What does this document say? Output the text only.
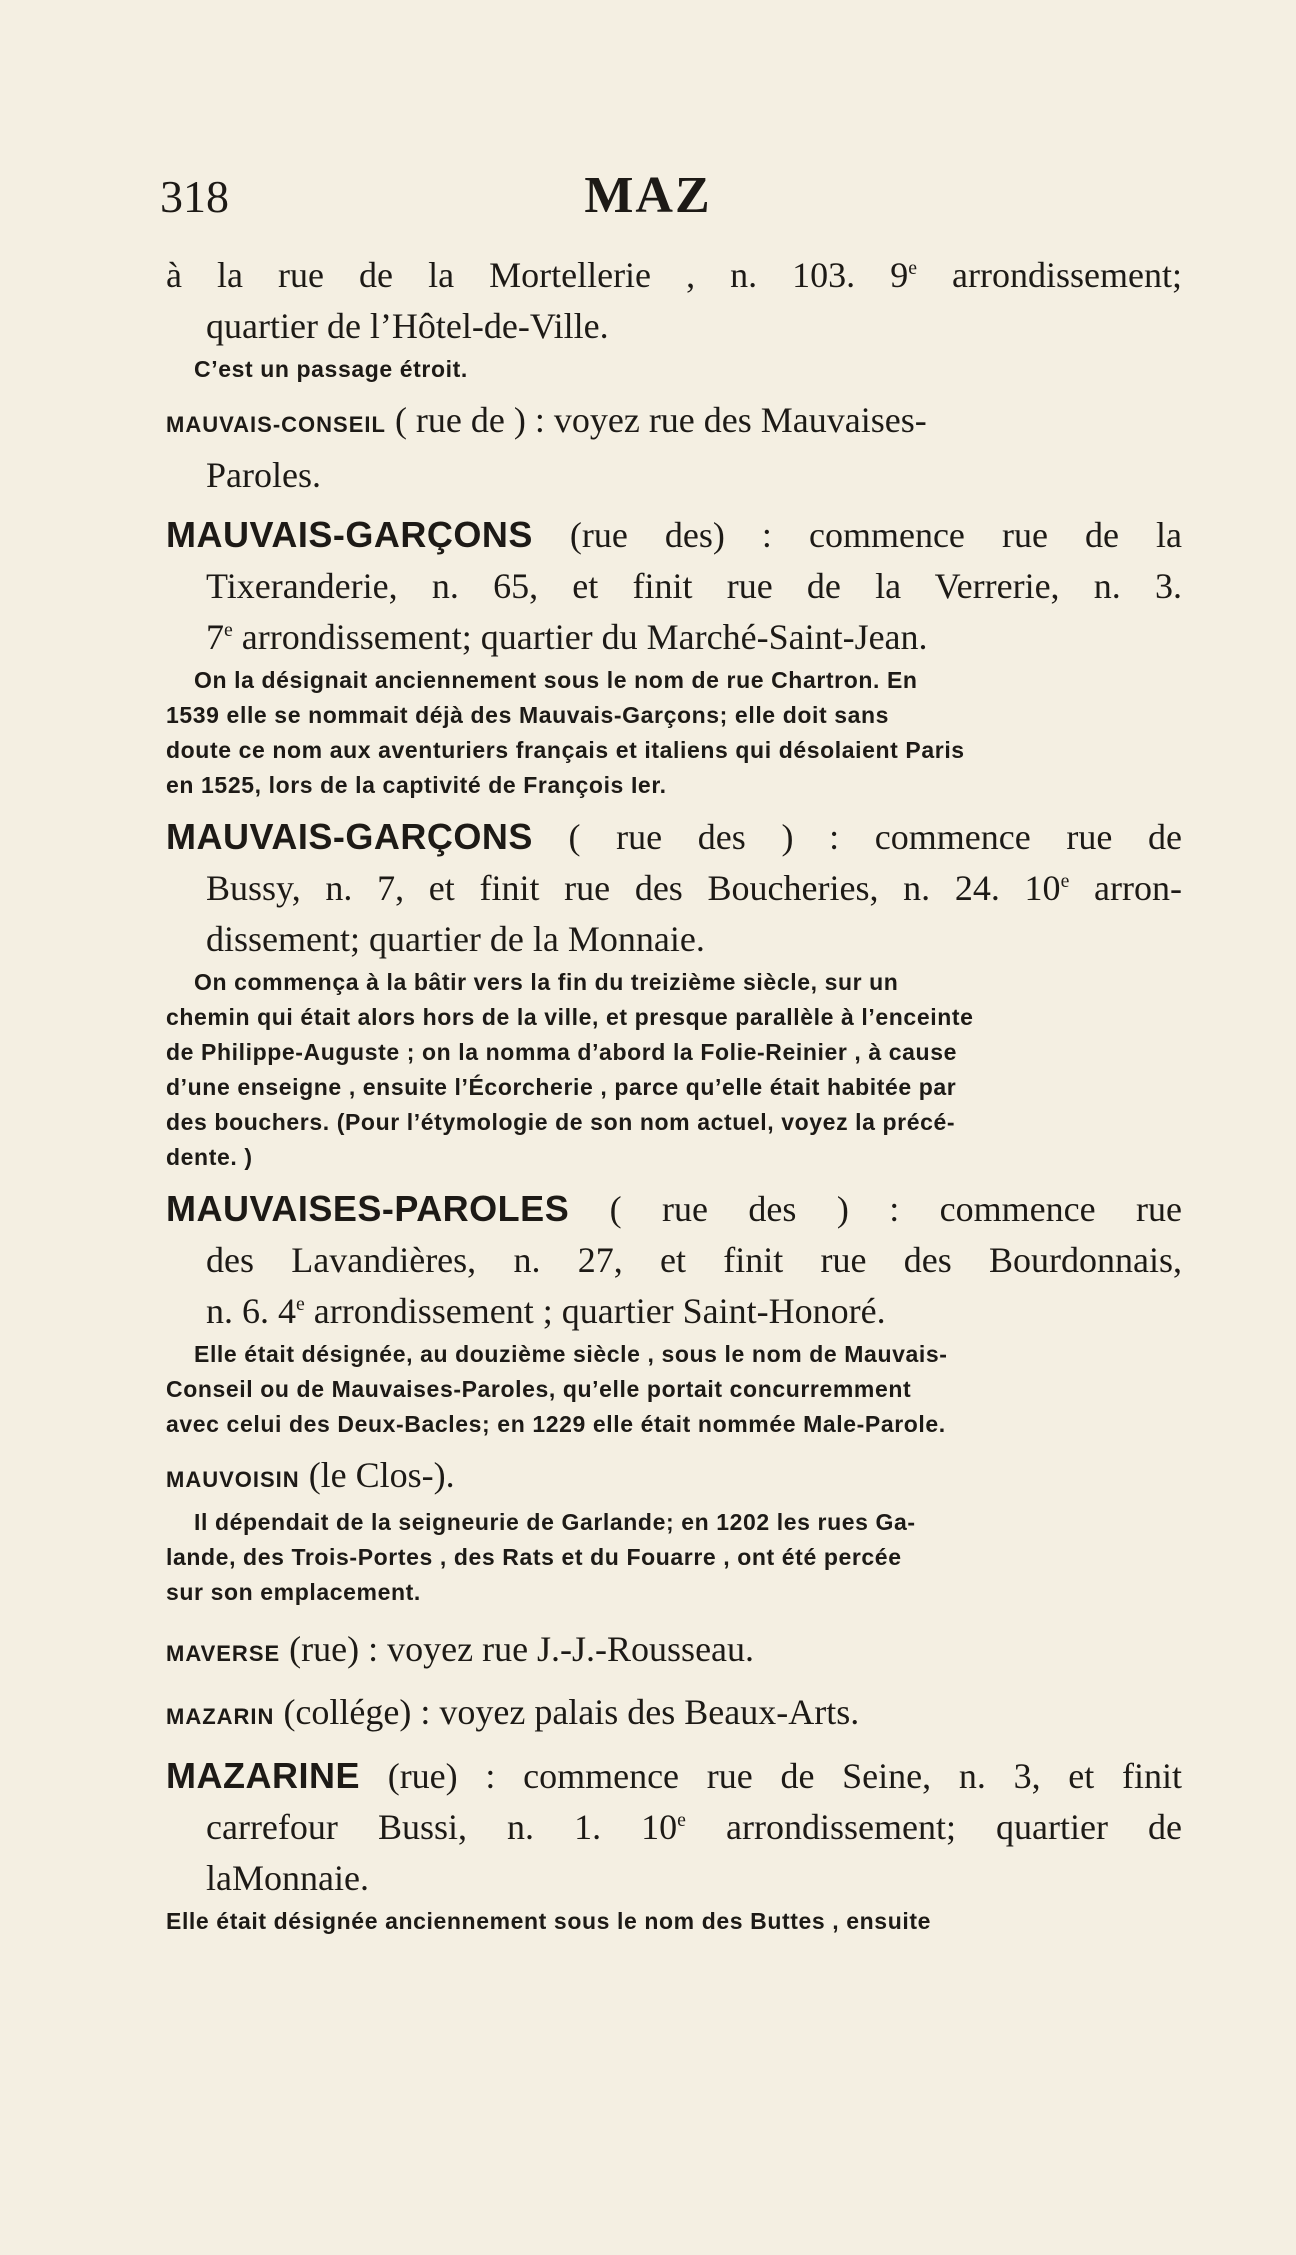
318	MAZ
à la rue de la Mortellerie , n. 103. 9e arrondissement;
quartier de l’Hôtel-de-Ville.
C’est un passage étroit.
MAUVAIS-CONSEIL ( rue de ) : voyez rue des Mauvaises-
Paroles.
MAUVAIS-GARÇONS (rue des) : commence rue de la
Tixeranderie, n. 65, et finit rue de la Verrerie, n. 3.
7e arrondissement; quartier du Marché-Saint-Jean.
On la désignait anciennement sous le nom de rue Chartron. En
1539 elle se nommait déjà des Mauvais-Garçons; elle doit sans
doute ce nom aux aventuriers français et italiens qui désolaient Paris
en 1525, lors de la captivité de François Ier.
MAUVAIS-GARÇONS ( rue des ) : commence rue de
Bussy, n. 7, et finit rue des Boucheries, n. 24. 10e arron-
dissement; quartier de la Monnaie.
On commença à la bâtir vers la fin du treizième siècle, sur un
chemin qui était alors hors de la ville, et presque parallèle à l’enceinte
de Philippe-Auguste ; on la nomma d’abord la Folie-Reinier , à cause
d’une enseigne , ensuite l’Écorcherie , parce qu’elle était habitée par
des bouchers. (Pour l’étymologie de son nom actuel, voyez la précé-
dente. )
MAUVAISES-PAROLES ( rue des ) : commence rue
des Lavandières, n. 27, et finit rue des Bourdonnais,
n. 6. 4e arrondissement ; quartier Saint-Honoré.
Elle était désignée, au douzième siècle , sous le nom de Mauvais-
Conseil ou de Mauvaises-Paroles, qu’elle portait concurremment
avec celui des Deux-Bacles; en 1229 elle était nommée Male-Parole.
MAUVOISIN (le Clos-).
Il dépendait de la seigneurie de Garlande; en 1202 les rues Ga-
lande, des Trois-Portes , des Rats et du Fouarre , ont été percée
sur son emplacement.
MAVERSE (rue) : voyez rue J.-J.-Rousseau.
MAZARIN (collége) : voyez palais des Beaux-Arts.
MAZARINE (rue) : commence rue de Seine, n. 3, et finit
carrefour Bussi, n. 1. 10e arrondissement; quartier de
laMonnaie.
Elle était désignée anciennement sous le nom des Buttes , ensuite
